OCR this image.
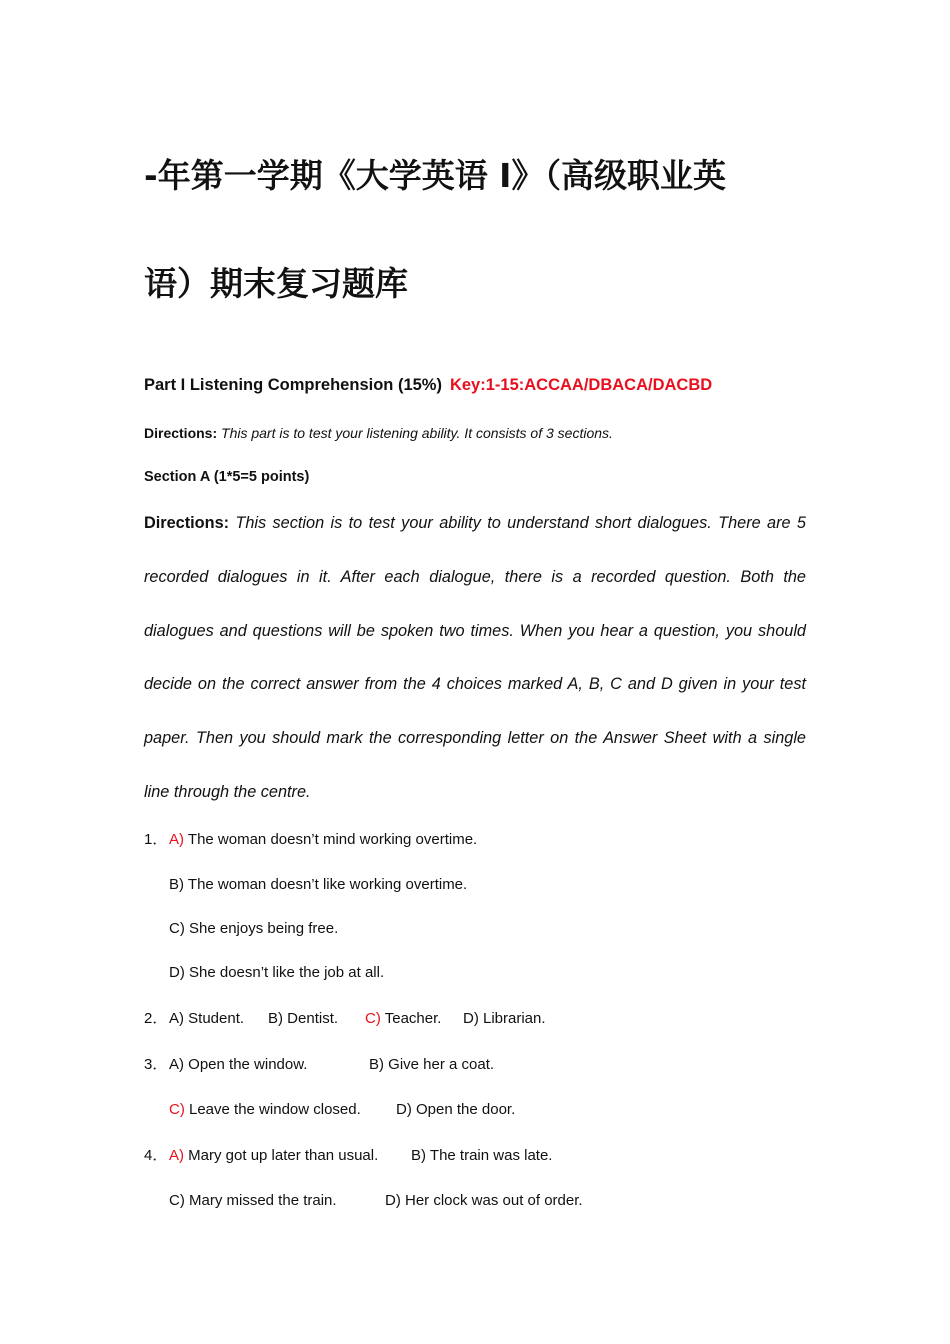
-年第一学期《大学英语 I》（高级职业英
语）期末复习题库
Part I Listening Comprehension (15%) Key:1-15:ACCAA/DBACA/DACBD
Directions: This part is to test your listening ability. It consists of 3 sections.
Section A (1*5=5 points)
Directions: This section is to test your ability to understand short dialogues. There are 5 recorded dialogues in it. After each dialogue, there is a recorded question. Both the dialogues and questions will be spoken two times. When you hear a question, you should decide on the correct answer from the 4 choices marked A, B, C and D given in your test paper. Then you should mark the corresponding letter on the Answer Sheet with a single line through the centre.
1． A) The woman doesn’t mind working overtime.
B) The woman doesn’t like working overtime.
C) She enjoys being free.
D) She doesn’t like the job at all.
2． A) Student. B) Dentist. C) Teacher. D) Librarian.
3． A) Open the window.	B) Give her a coat.
C) Leave the window closed. D) Open the door.
4． A) Mary got up later than usual. B) The train was late.
C) Mary missed the train.	D) Her clock was out of order.
